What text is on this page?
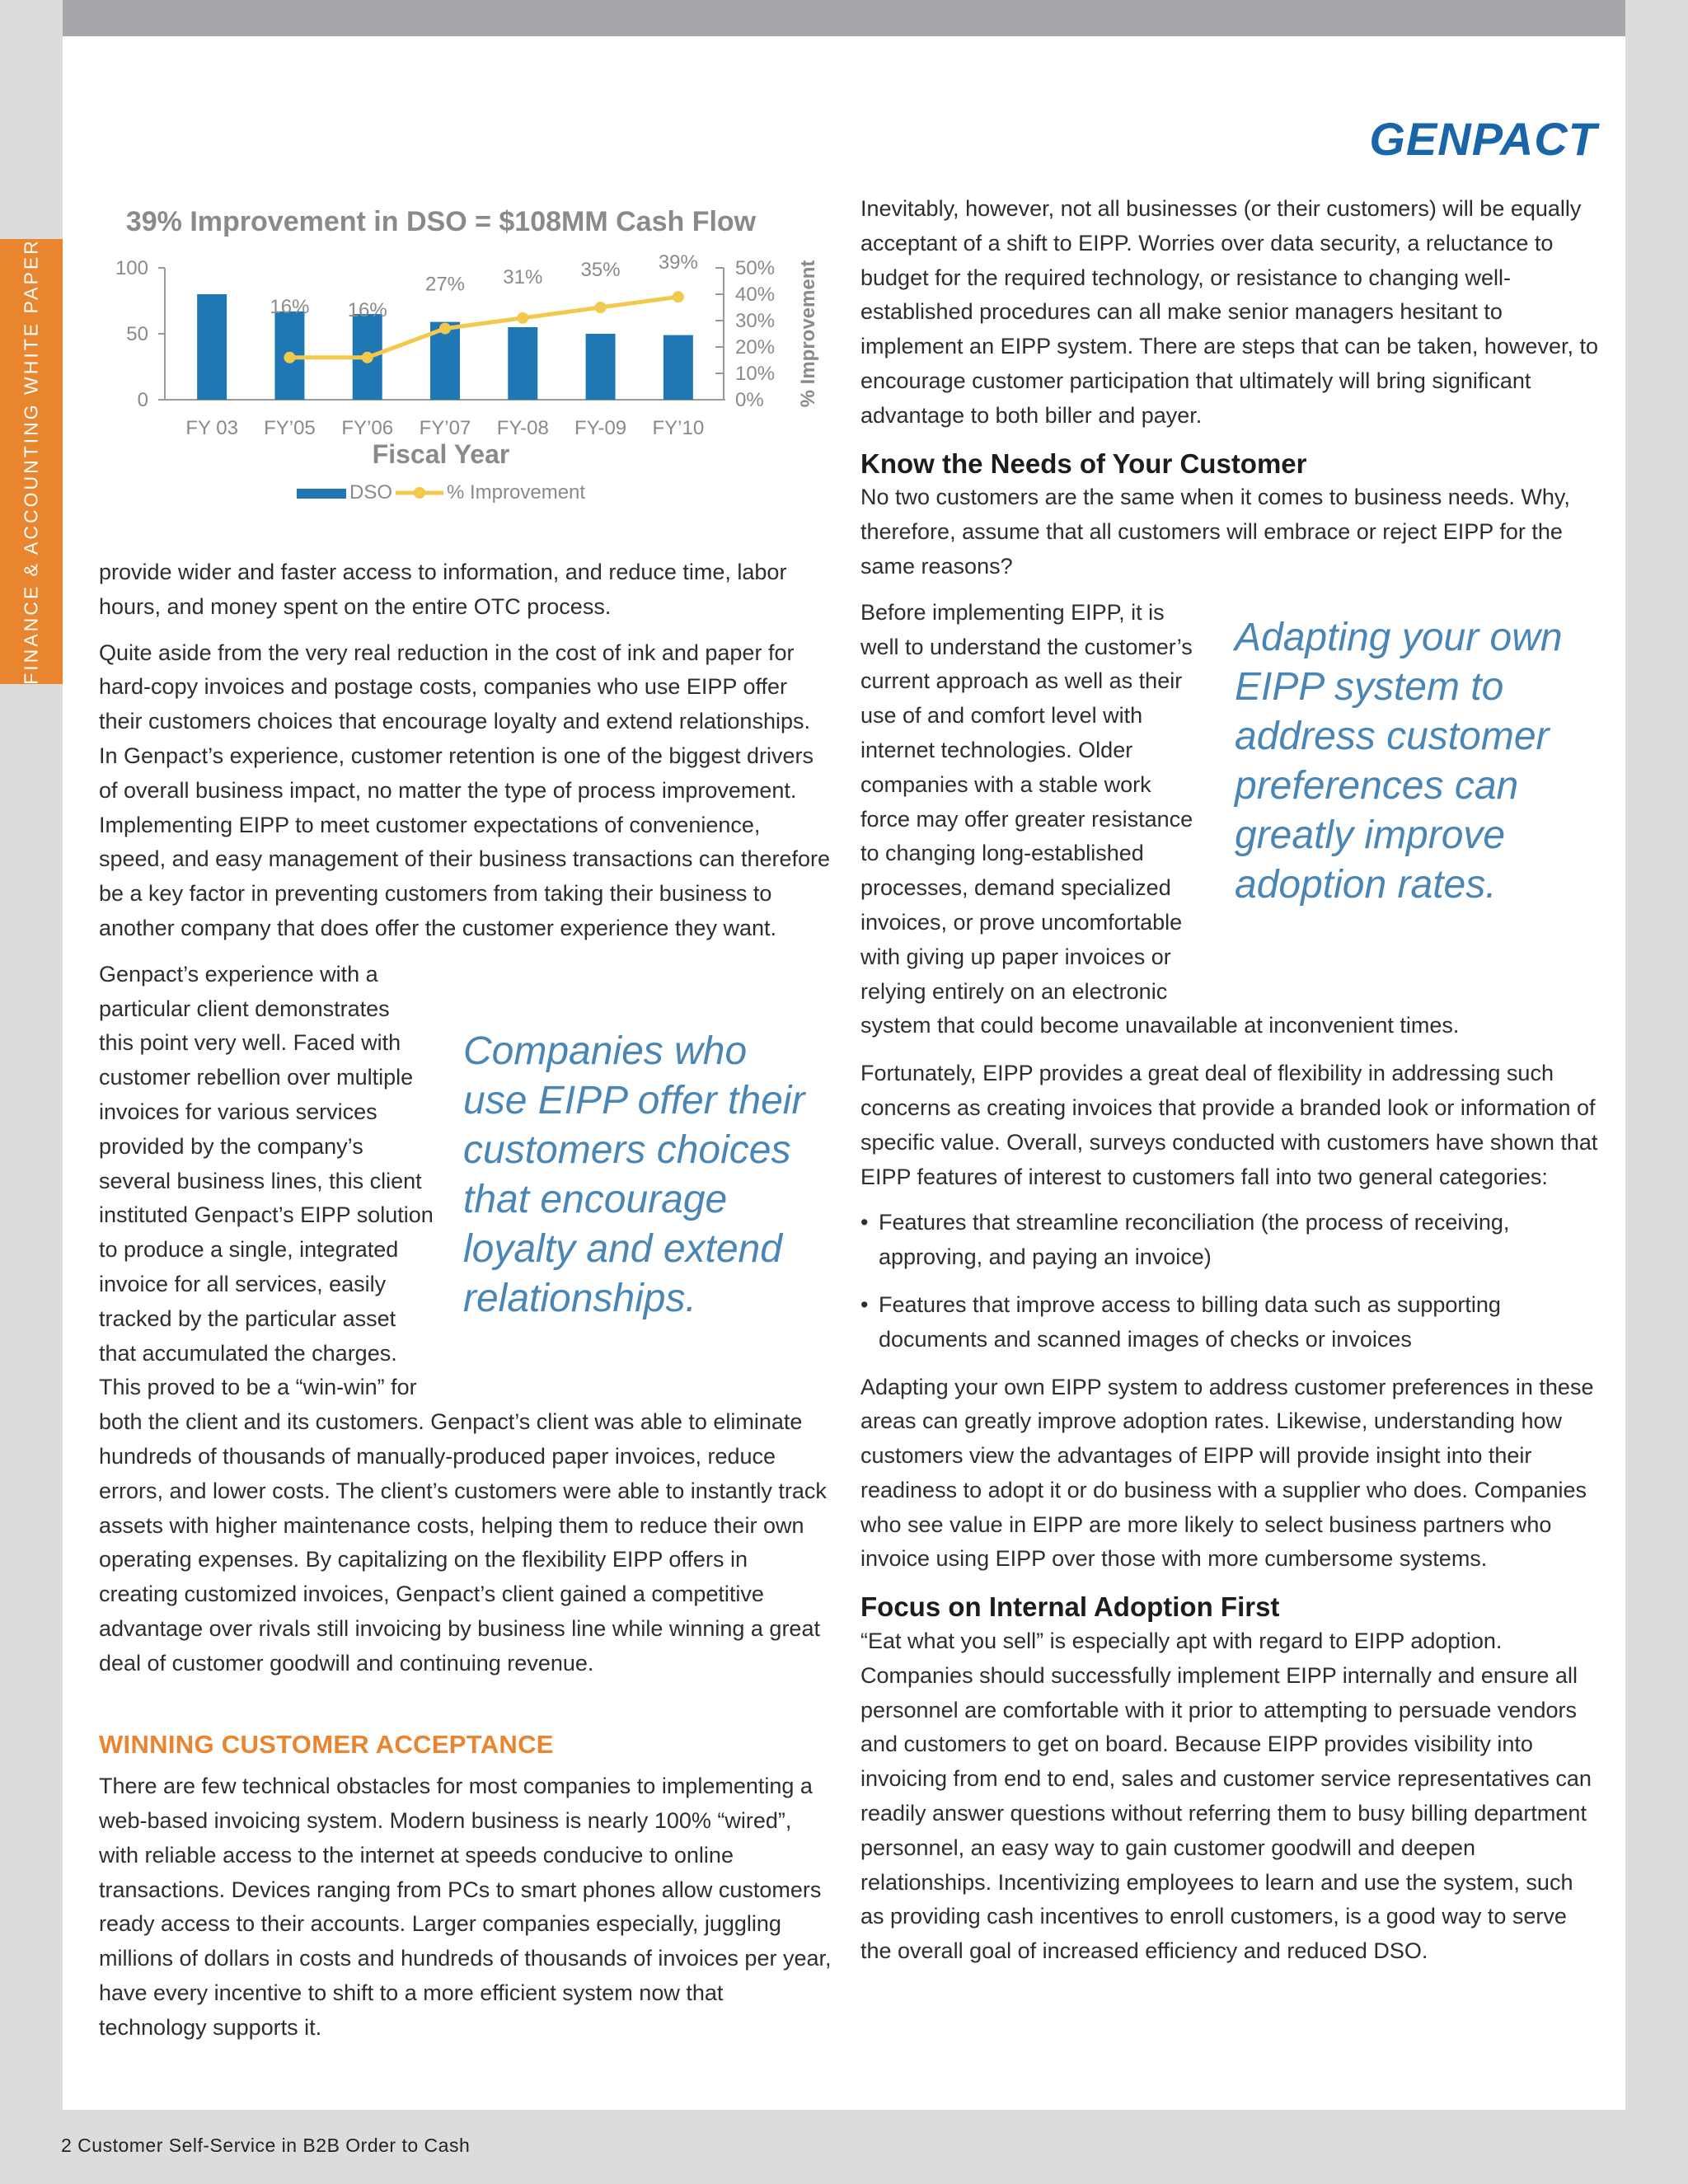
FINANCE & ACCOUNTING WHITE PAPER
GENPACT
39% Improvement in DSO = $108MM Cash Flow
100
50
0
50%
40%
30%
20%
10%
0% % Improvement
FY 03 FY’05 FY’06 FY’07 FY-08 FY-09 FY’10
Fiscal Year
16% 16%
27% 31% 35% 39%
DSO	% Improvement

provide wider and faster access to information, and reduce time, labor hours, and money spent on the entire OTC process.

Quite aside from the very real reduction in the cost of ink and paper for hard-copy invoices and postage costs, companies who use EIPP offer their customers choices that encourage loyalty and extend relationships. In Genpact’s experience, customer retention is one of the biggest drivers of overall business impact, no matter the type of process improvement. Implementing EIPP to meet customer expectations of convenience, speed, and easy management of their business transactions can therefore be a key factor in preventing customers from taking their business to another company that does offer the customer experience they want.

Genpact’s experience with a
particular client demonstrates
this point very well. Faced with
customer rebellion over multiple
invoices for various services
provided by the company’s
several business lines, this client
instituted Genpact’s EIPP solution
to produce a single, integrated
invoice for all services, easily
tracked by the particular asset
that accumulated the charges.
This proved to be a “win-win” for

both the client and its customers. Genpact’s client was able to eliminate hundreds of thousands of manually-produced paper invoices, reduce errors, and lower costs. The client’s customers were able to instantly track assets with higher maintenance costs, helping them to reduce their own operating expenses. By capitalizing on the flexibility EIPP offers in creating customized invoices, Genpact’s client gained a competitive advantage over rivals still invoicing by business line while winning a great deal of customer goodwill and continuing revenue.

WINNING CUSTOMER ACCEPTANCE

There are few technical obstacles for most companies to implementing a web-based invoicing system. Modern business is nearly 100% “wired”, with reliable access to the internet at speeds conducive to online transactions. Devices ranging from PCs to smart phones allow customers ready access to their accounts. Larger companies especially, juggling millions of dollars in costs and hundreds of thousands of invoices per year, have every incentive to shift to a more efficient system now that technology supports it.

Companies who use EIPP offer their customers choices that encourage loyalty and extend relationships.

Inevitably, however, not all businesses (or their customers) will be equally acceptant of a shift to EIPP. Worries over data security, a reluctance to budget for the required technology, or resistance to changing well-established procedures can all make senior managers hesitant to implement an EIPP system. There are steps that can be taken, however, to encourage customer participation that ultimately will bring significant advantage to both biller and payer.

Know the Needs of Your Customer

No two customers are the same when it comes to business needs. Why, therefore, assume that all customers will embrace or reject EIPP for the same reasons?

Before implementing EIPP, it is
well to understand the customer’s
current approach as well as their
use of and comfort level with
internet technologies. Older
companies with a stable work
force may offer greater resistance
to changing long-established
processes, demand specialized
invoices, or prove uncomfortable
with giving up paper invoices or
relying entirely on an electronic

system that could become unavailable at inconvenient times.

Fortunately, EIPP provides a great deal of flexibility in addressing such concerns as creating invoices that provide a branded look or information of specific value. Overall, surveys conducted with customers have shown that EIPP features of interest to customers fall into two general categories:

• Features that streamline reconciliation (the process of receiving, approving, and paying an invoice)
• Features that improve access to billing data such as supporting documents and scanned images of checks or invoices

Adapting your own EIPP system to address customer preferences in these areas can greatly improve adoption rates. Likewise, understanding how customers view the advantages of EIPP will provide insight into their readiness to adopt it or do business with a supplier who does. Companies who see value in EIPP are more likely to select business partners who invoice using EIPP over those with more cumbersome systems.

Focus on Internal Adoption First

“Eat what you sell” is especially apt with regard to EIPP adoption. Companies should successfully implement EIPP internally and ensure all personnel are comfortable with it prior to attempting to persuade vendors and customers to get on board. Because EIPP provides visibility into invoicing from end to end, sales and customer service representatives can readily answer questions without referring them to busy billing department personnel, an easy way to gain customer goodwill and deepen relationships. Incentivizing employees to learn and use the system, such as providing cash incentives to enroll customers, is a good way to serve the overall goal of increased efficiency and reduced DSO.

Adapting your own EIPP system to address customer preferences can greatly improve adoption rates.
2 Customer Self-Service in B2B Order to Cash
